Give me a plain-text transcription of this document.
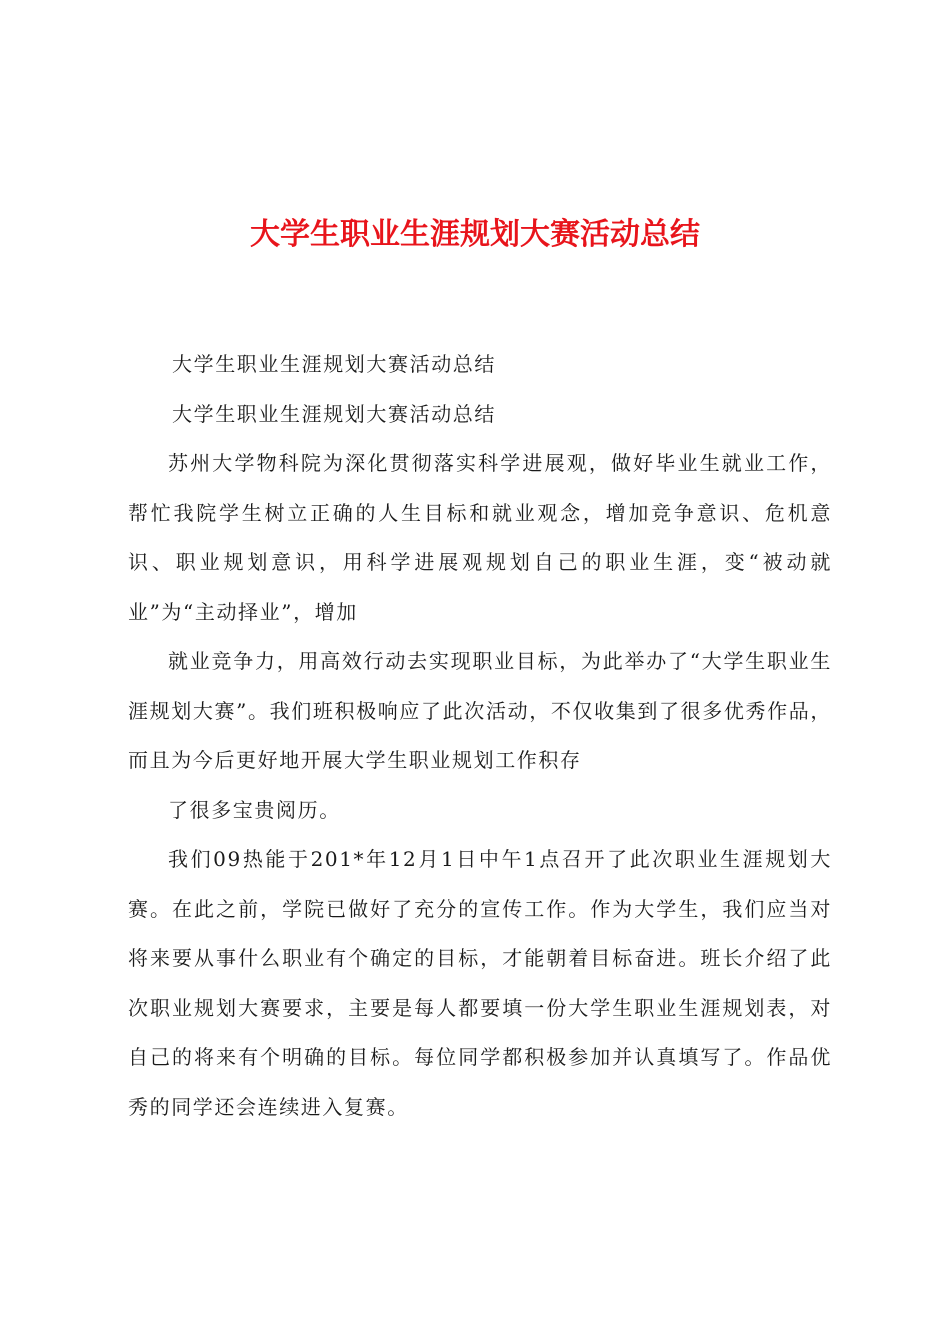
大学生职业生涯规划大赛活动总结

大学生职业生涯规划大赛活动总结

大学生职业生涯规划大赛活动总结

苏州大学物科院为深化贯彻落实科学进展观，做好毕业生就业工作，帮忙我院学生树立正确的人生目标和就业观念，增加竞争意识、危机意识、职业规划意识，用科学进展观规划自己的职业生涯，变“被动就业”为“主动择业”，增加

就业竞争力，用高效行动去实现职业目标，为此举办了“大学生职业生涯规划大赛”。我们班积极响应了此次活动，不仅收集到了很多优秀作品，而且为今后更好地开展大学生职业规划工作积存

了很多宝贵阅历。

我们09热能于201*年12月1日中午1点召开了此次职业生涯规划大赛。在此之前，学院已做好了充分的宣传工作。作为大学生，我们应当对将来要从事什么职业有个确定的目标，才能朝着目标奋进。班长介绍了此次职业规划大赛要求，主要是每人都要填一份大学生职业生涯规划表，对自己的将来有个明确的目标。每位同学都积极参加并认真填写了。作品优秀的同学还会连续进入复赛。
